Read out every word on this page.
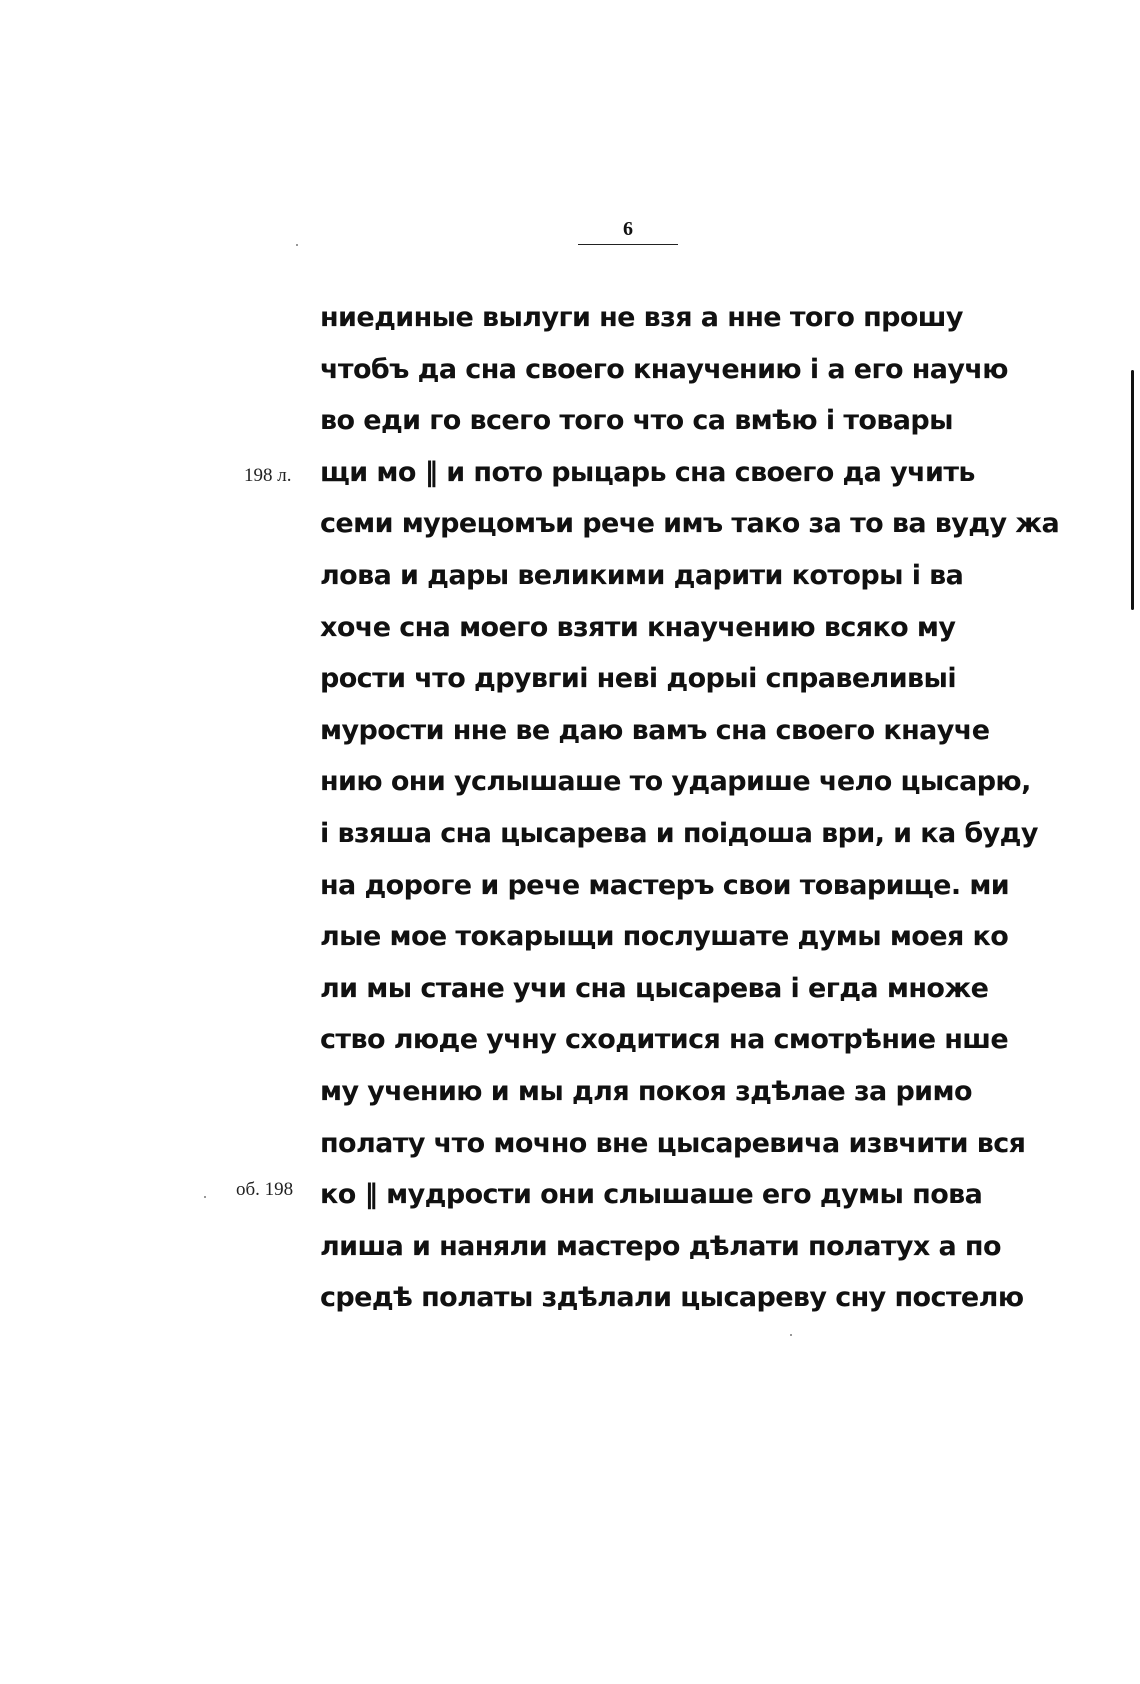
6
198 л.
об. 198
ниединые вылуги не взя а нне того прошу
чтобъ да сна своего кнаучению і а его научю
во еди го всего того что са вмѣю і товары
щи мо ‖ и пото рыцарь сна своего да учить
семи мурецомъи рече имъ тако за то ва вуду жа
лова и дары великими дарити которы і ва
хоче сна моего взяти кнаучению всяко му
рости что друвгиі неві дорыі справеливыі
мурости нне ве даю вамъ сна своего кнауче
нию они услышаше то ударише чело цысарю,
і взяша сна цысарева и поідоша ври, и ка буду
на дороге и рече мастеръ свои товарище. ми
лые мое токарыщи послушате думы моея ко
ли мы стане учи сна цысарева і егда множе
ство люде учну сходитися на смотрѣние нше
му учению и мы для покоя здѣлае за римо
полату что мочно вне цысаревича извчити вся
ко ‖ мудрости они слышаше его думы пова
лиша и наняли мастеро дѣлати полатух а по
средѣ полаты здѣлали цысареву сну постелю
